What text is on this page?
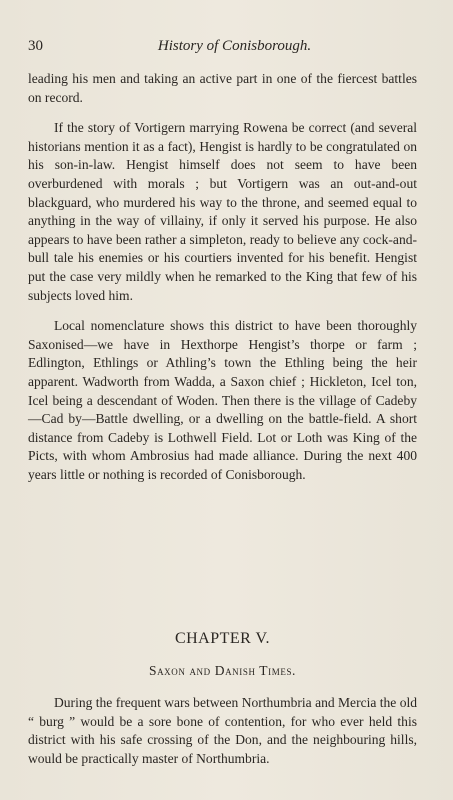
30	History of Conisborough.

leading his men and taking an active part in one of the fiercest battles on record.

If the story of Vortigern marrying Rowena be correct (and several historians mention it as a fact), Hengist is hardly to be congratulated on his son-in-law. Hengist himself does not seem to have been overburdened with morals ; but Vortigern was an out-and-out blackguard, who murdered his way to the throne, and seemed equal to anything in the way of villainy, if only it served his purpose. He also appears to have been rather a simpleton, ready to believe any cock-and-bull tale his enemies or his courtiers invented for his benefit. Hengist put the case very mildly when he remarked to the King that few of his subjects loved him.

Local nomenclature shows this district to have been thoroughly Saxonised—we have in Hexthorpe Hengist’s thorpe or farm ; Edlington, Ethlings or Athling’s town the Ethling being the heir apparent. Wadworth from Wadda, a Saxon chief ; Hickleton, Icel ton, Icel being a descendant of Woden. Then there is the village of Cadeby—Cad by—Battle dwelling, or a dwelling on the battle-field. A short distance from Cadeby is Lothwell Field. Lot or Loth was King of the Picts, with whom Ambrosius had made alliance. During the next 400 years little or nothing is recorded of Conisborough.

CHAPTER V.
Saxon and Danish Times.

During the frequent wars between Northumbria and Mercia the old “ burg ” would be a sore bone of contention, for who ever held this district with his safe crossing of the Don, and the neighbouring hills, would be practically master of Northumbria.
